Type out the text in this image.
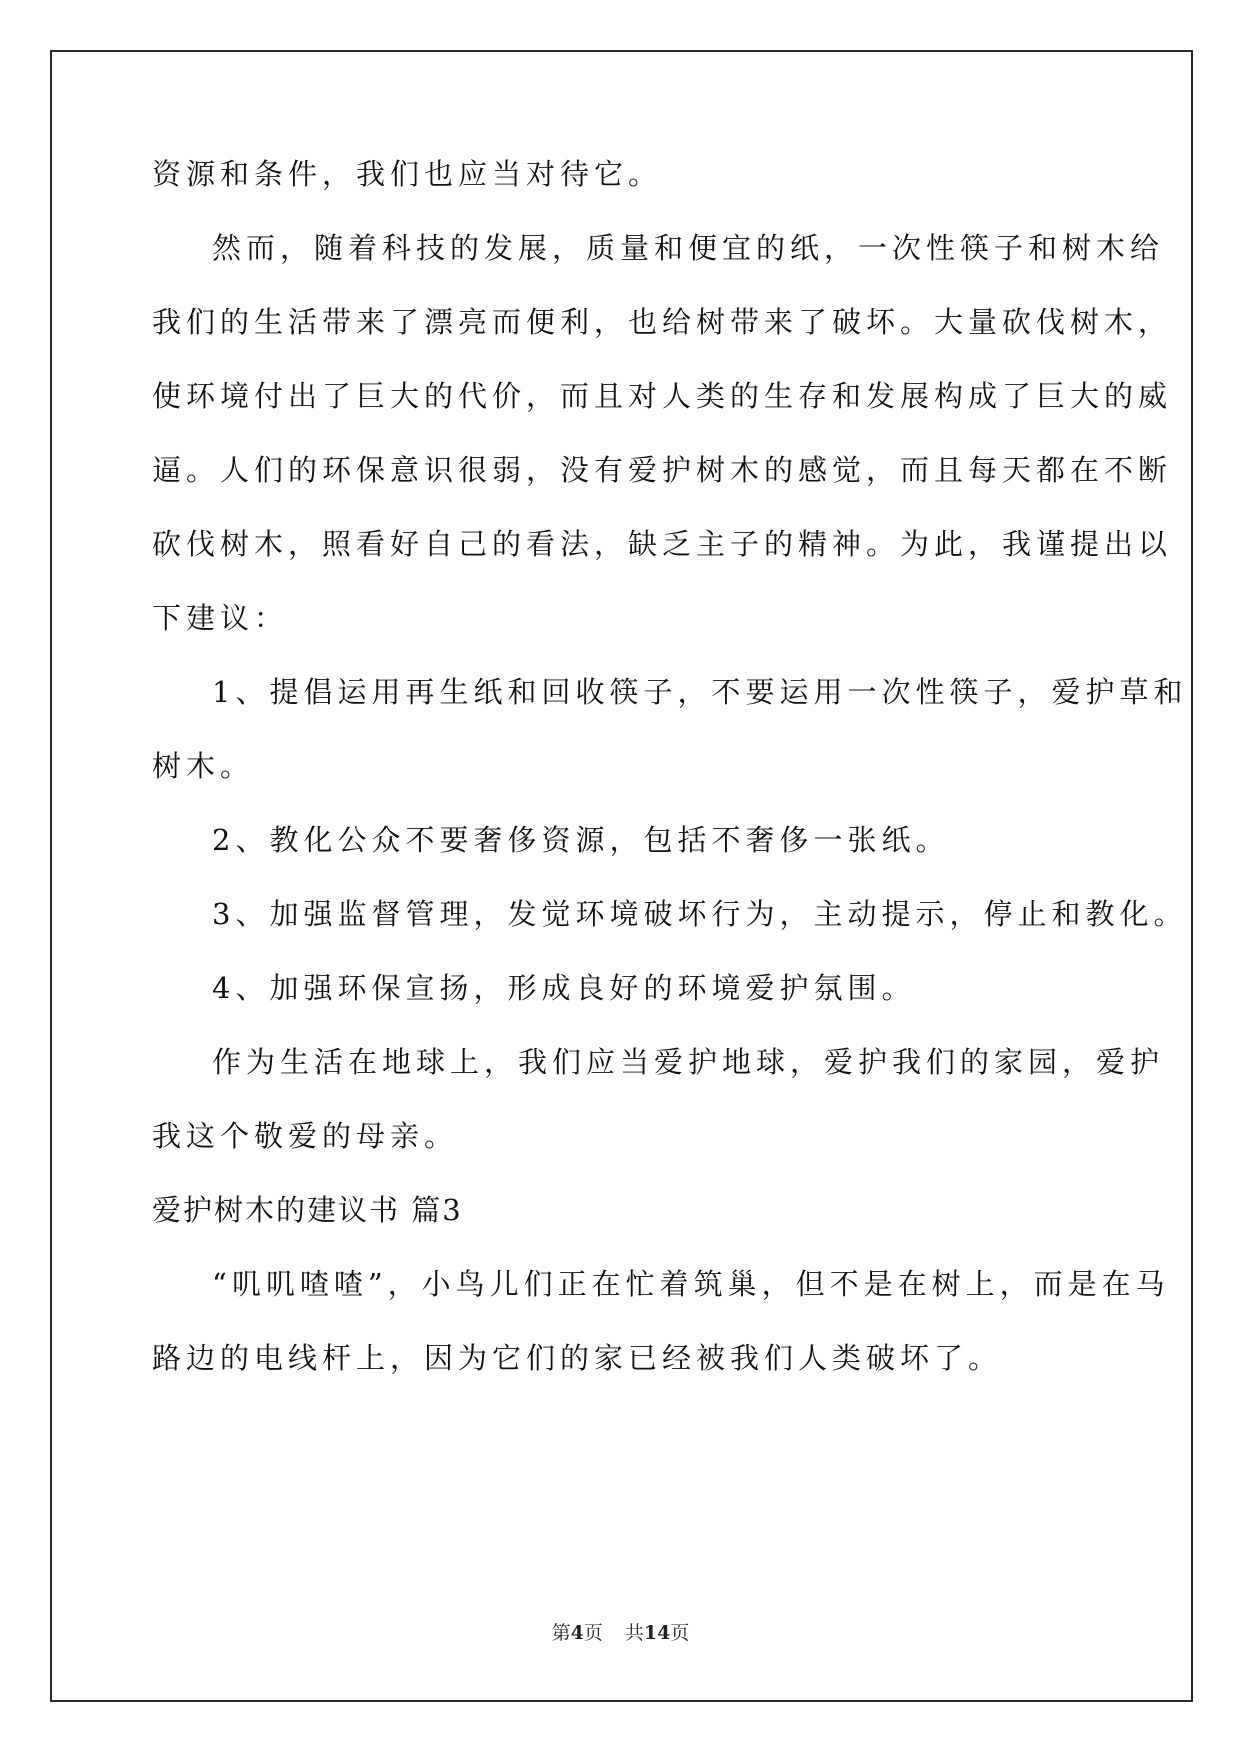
资源和条件，我们也应当对待它。
然而，随着科技的发展，质量和便宜的纸，一次性筷子和树木给
我们的生活带来了漂亮而便利，也给树带来了破坏。大量砍伐树木，
使环境付出了巨大的代价，而且对人类的生存和发展构成了巨大的威
逼。人们的环保意识很弱，没有爱护树木的感觉，而且每天都在不断
砍伐树木，照看好自己的看法，缺乏主子的精神。为此，我谨提出以
下建议：
1、提倡运用再生纸和回收筷子，不要运用一次性筷子，爱护草和
树木。
2、教化公众不要奢侈资源，包括不奢侈一张纸。
3、加强监督管理，发觉环境破坏行为，主动提示，停止和教化。
4、加强环保宣扬，形成良好的环境爱护氛围。
作为生活在地球上，我们应当爱护地球，爱护我们的家园，爱护
我这个敬爱的母亲。
爱护树木的建议书 篇3
“叽叽喳喳”，小鸟儿们正在忙着筑巢，但不是在树上，而是在马
路边的电线杆上，因为它们的家已经被我们人类破坏了。
第4页 共14页
